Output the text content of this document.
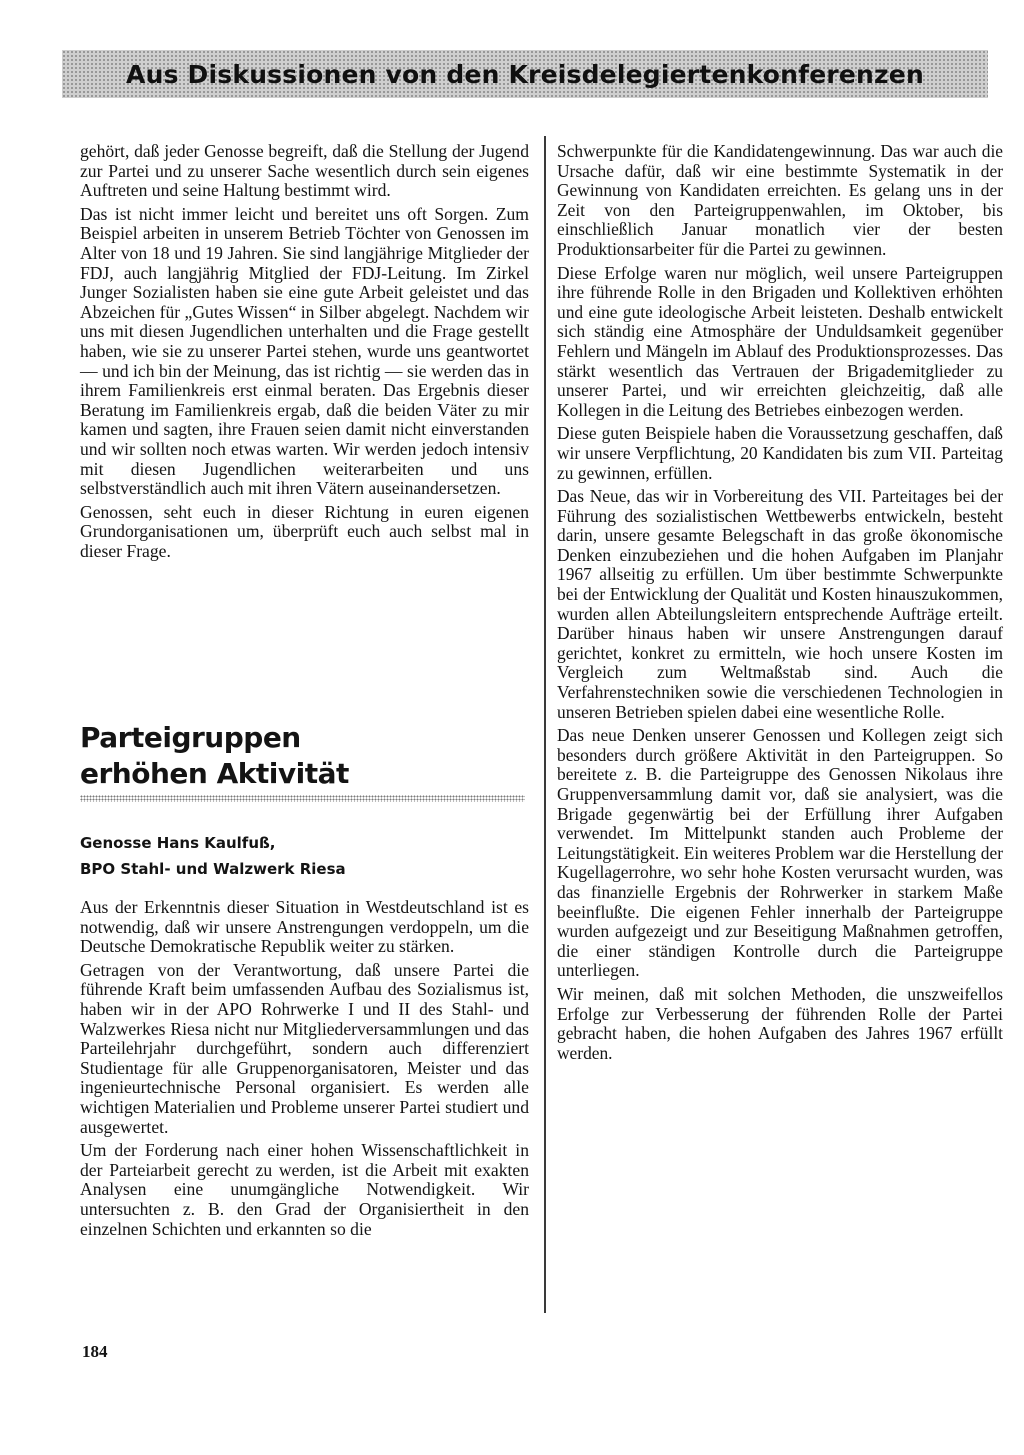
Aus Diskussionen von den Kreisdelegiertenkonferenzen

gehört, daß jeder Genosse begreift, daß die Stellung der Jugend zur Partei und zu unserer Sache wesentlich durch sein eigenes Auftreten und seine Haltung bestimmt wird.

Das ist nicht immer leicht und bereitet uns oft Sorgen. Zum Beispiel arbeiten in unserem Betrieb Töchter von Genossen im Alter von 18 und 19 Jahren. Sie sind langjährige Mitglieder der FDJ, auch langjährig Mitglied der FDJ-Leitung. Im Zirkel Junger Sozialisten haben sie eine gute Arbeit geleistet und das Abzeichen für „Gutes Wissen“ in Silber abgelegt. Nachdem wir uns mit diesen Jugendlichen unterhalten und die Frage gestellt haben, wie sie zu unserer Partei stehen, wurde uns geantwortet — und ich bin der Meinung, das ist richtig — sie werden das in ihrem Familienkreis erst einmal beraten. Das Ergebnis dieser Beratung im Familienkreis ergab, daß die beiden Väter zu mir kamen und sagten, ihre Frauen seien damit nicht einverstanden und wir sollten noch etwas warten. Wir werden jedoch intensiv mit diesen Jugendlichen weiterarbeiten und uns selbstverständlich auch mit ihren Vätern auseinandersetzen.

Genossen, seht euch in dieser Richtung in euren eigenen Grundorganisationen um, überprüft euch auch selbst mal in dieser Frage.

Parteigruppen

erhöhen Aktivität

Genosse Hans Kaulfuß,

BPO Stahl- und Walzwerk Riesa

Aus der Erkenntnis dieser Situation in Westdeutschland ist es notwendig, daß wir unsere Anstrengungen verdoppeln, um die Deutsche Demokratische Republik weiter zu stärken.

Getragen von der Verantwortung, daß unsere Partei die führende Kraft beim umfassenden Aufbau des Sozialismus ist, haben wir in der APO Rohrwerke I und II des Stahl- und Walzwerkes Riesa nicht nur Mitgliederversammlungen und das Parteilehrjahr durchgeführt, sondern auch differenziert Studientage für alle Gruppenorganisatoren, Meister und das ingenieurtechnische Personal organisiert. Es werden alle wichtigen Materialien und Probleme unserer Partei studiert und ausgewertet.

Um der Forderung nach einer hohen Wissenschaftlichkeit in der Parteiarbeit gerecht zu werden, ist die Arbeit mit exakten Analysen eine unumgängliche Notwendigkeit. Wir untersuchten z. B. den Grad der Organisiertheit in den einzelnen Schichten und erkannten so die

Schwerpunkte für die Kandidatengewinnung. Das war auch die Ursache dafür, daß wir eine bestimmte Systematik in der Gewinnung von Kandidaten erreichten. Es gelang uns in der Zeit von den Parteigruppenwahlen, im Oktober, bis einschließlich Januar monatlich vier der besten Produktionsarbeiter für die Partei zu gewinnen.

Diese Erfolge waren nur möglich, weil unsere Parteigruppen ihre führende Rolle in den Brigaden und Kollektiven erhöhten und eine gute ideologische Arbeit leisteten. Deshalb entwickelt sich ständig eine Atmosphäre der Unduldsamkeit gegenüber Fehlern und Mängeln im Ablauf des Produktionsprozesses. Das stärkt wesentlich das Vertrauen der Brigademitglieder zu unserer Partei, und wir erreichten gleichzeitig, daß alle Kollegen in die Leitung des Betriebes einbezogen werden.

Diese guten Beispiele haben die Voraussetzung geschaffen, daß wir unsere Verpflichtung, 20 Kandidaten bis zum VII. Parteitag zu gewinnen, erfüllen.

Das Neue, das wir in Vorbereitung des VII. Parteitages bei der Führung des sozialistischen Wettbewerbs entwickeln, besteht darin, unsere gesamte Belegschaft in das große ökonomische Denken einzubeziehen und die hohen Aufgaben im Planjahr 1967 allseitig zu erfüllen. Um über bestimmte Schwerpunkte bei der Entwicklung der Qualität und Kosten hinauszukommen, wurden allen Abteilungsleitern entsprechende Aufträge erteilt. Darüber hinaus haben wir unsere Anstrengungen darauf gerichtet, konkret zu ermitteln, wie hoch unsere Kosten im Vergleich zum Weltmaßstab sind. Auch die Verfahrenstechniken sowie die verschiedenen Technologien in unseren Betrieben spielen dabei eine wesentliche Rolle.

Das neue Denken unserer Genossen und Kollegen zeigt sich besonders durch größere Aktivität in den Parteigruppen. So bereitete z. B. die Parteigruppe des Genossen Nikolaus ihre Gruppenversammlung damit vor, daß sie analysiert, was die Brigade gegenwärtig bei der Erfüllung ihrer Aufgaben verwendet. Im Mittelpunkt standen auch Probleme der Leitungstätigkeit. Ein weiteres Problem war die Herstellung der Kugellagerrohre, wo sehr hohe Kosten verursacht wurden, was das finanzielle Ergebnis der Rohrwerker in starkem Maße beeinflußte. Die eigenen Fehler innerhalb der Parteigruppe wurden aufgezeigt und zur Beseitigung Maßnahmen getroffen, die einer ständigen Kontrolle durch die Parteigruppe unterliegen.

Wir meinen, daß mit solchen Methoden, die unszweifellos Erfolge zur Verbesserung der führenden Rolle der Partei gebracht haben, die hohen Aufgaben des Jahres 1967 erfüllt werden.

184
